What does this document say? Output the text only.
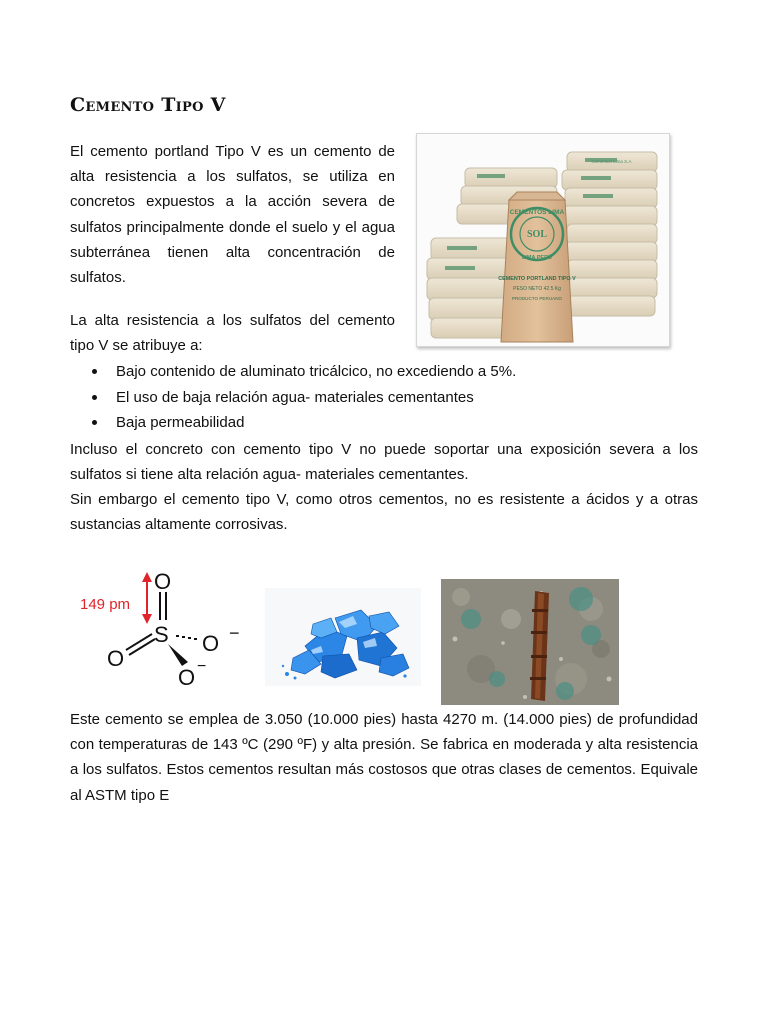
Cemento Tipo V

El cemento portland Tipo V es un cemento de alta resistencia a los sulfatos, se utiliza en concretos expuestos a la acción severa de sulfatos principalmente donde el suelo y el agua subterránea tienen alta concentración de sulfatos.

CEMENTOS LIMA
LIMA PERÚ
SOL
CEMENTO PORTLAND TIPO V
PESO NETO 42.5 Kg
PRODUCTO PERUANO
Cementos Lima S.A.

La alta resistencia a los sulfatos del cemento tipo V se atribuye a:

Bajo contenido de aluminato tricálcico, no excediendo a 5%.
El uso de baja relación agua- materiales cementantes
Baja permeabilidad

Incluso el concreto con cemento tipo V no puede soportar una exposición severa a los sulfatos si tiene alta relación agua- materiales cementantes.

Sin embargo el cemento tipo V, como otros cementos, no es resistente a ácidos y a otras sustancias altamente corrosivas.

149 pm
O
S
O
O
O
−
−

Este cemento se emplea de 3.050 (10.000 pies) hasta 4270 m. (14.000 pies) de profundidad con temperaturas de 143 ºC (290 ºF) y alta presión. Se fabrica en moderada y alta resistencia a los sulfatos. Estos cementos resultan más costosos que otras clases de cementos. Equivale al ASTM tipo E
